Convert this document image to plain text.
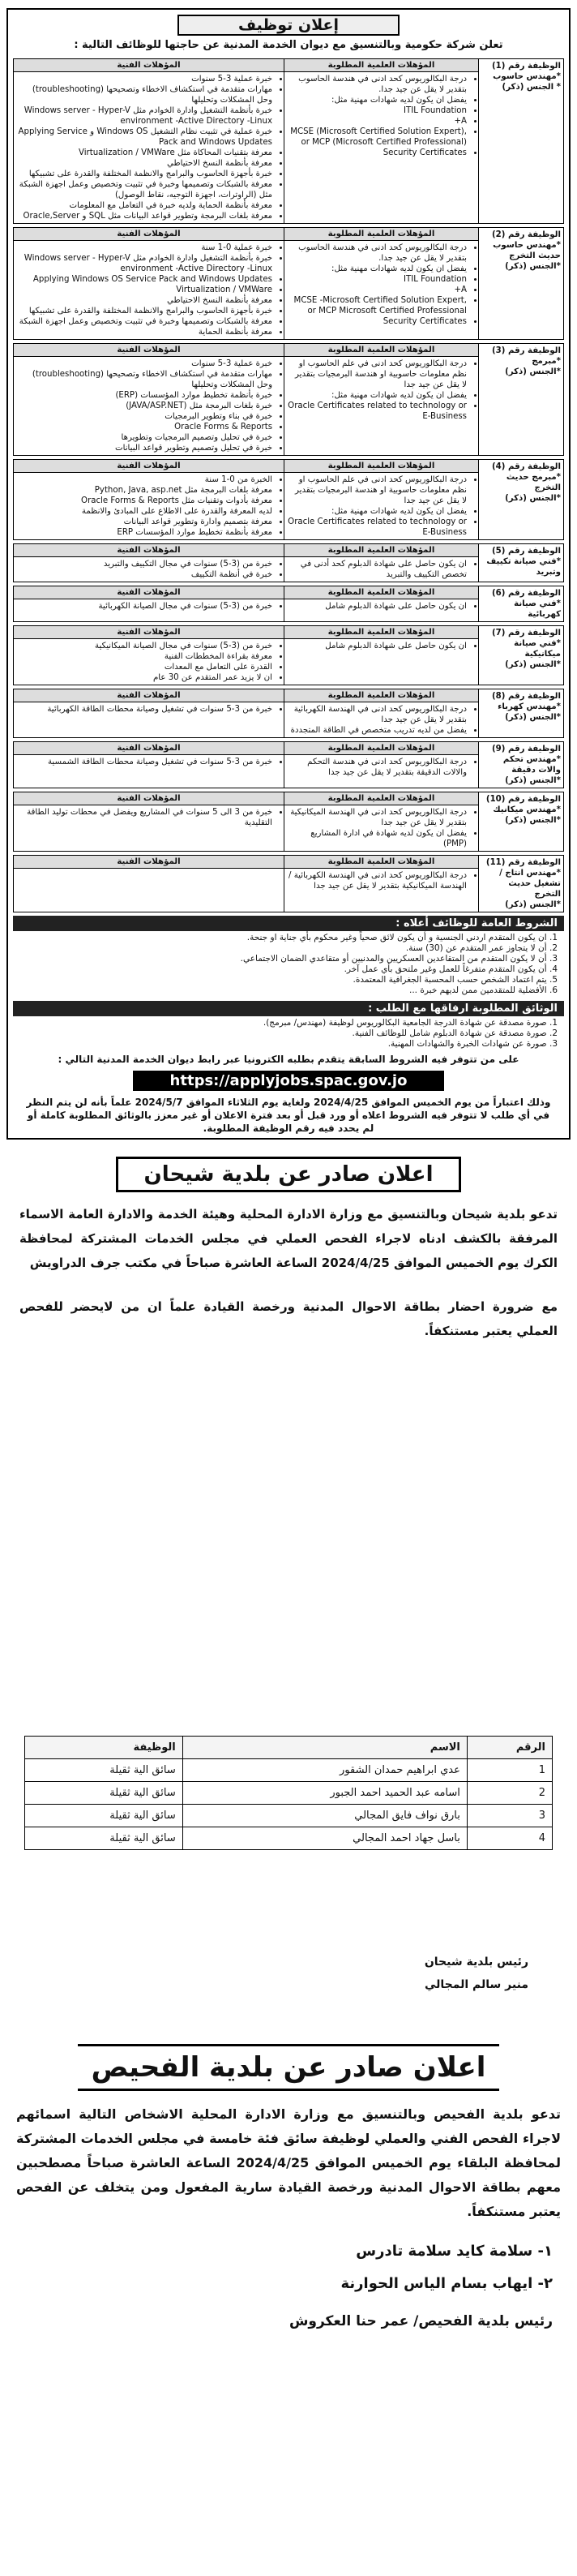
إعلان توظيف
تعلن شركة حكومية وبالتنسيق مع ديوان الخدمة المدنية عن حاجتها للوظائف التالية :
الوظيفة رقم (1)
*مهندس حاسوب
* الجنس (ذكر)
المؤهلات العلمية المطلوبة
• درجة البكالوريوس كحد ادنى في هندسة الحاسوب بتقدير لا يقل عن جيد جدا.
• يفضل ان يكون لديه شهادات مهنية مثل:
• ITIL Foundation
• A+
• MCSE (Microsoft Certified Solution Expert), or MCP (Microsoft Certified Professional)
• Security Certificates
المؤهلات الفنية
• خبرة عملية 3-5 سنوات
• مهارات متقدمة في استكشاف الاخطاء وتصحيحها (troubleshooting) وحل المشكلات وتحليلها
• خبرة بأنظمة التشغيل وادارة الخوادم مثل Windows server - Hyper-V environment -Active Directory -Linux
• خبرة عملية في تثبيت نظام التشغيل Windows OS و Applying Service Pack and Windows Updates
• معرفة بتقنيات المحاكاة مثل Virtualization / VMWare
• معرفة بأنظمة النسخ الاحتياطي
• خبرة بأجهزة الحاسوب والبرامج والانظمة المختلفة والقدرة على تشبيكها
• معرفة بالشبكات وتصميمها وخبرة في تثبيت وتخصيص وعمل اجهزة الشبكة مثل (الراوترات، اجهزة التوجيه، نقاط الوصول)
• معرفة بأنظمة الحماية ولديه خبرة في التعامل مع المعلومات
• معرفة بلغات البرمجة وتطوير قواعد البيانات مثل SQL و Oracle,Server
الوظيفة رقم (2)
*مهندس حاسوب حديث التخرج
*الجنس (ذكر)
المؤهلات العلمية المطلوبة
• درجة البكالوريوس كحد ادنى في هندسة الحاسوب بتقدير لا يقل عن جيد جدا.
• يفضل ان يكون لديه شهادات مهنية مثل:
• ITIL Foundation
• A+
• MCSE -Microsoft Certified Solution Expert, or MCP Microsoft Certified Professional
• Security Certificates
المؤهلات الفنية
• خبرة عملية 0-1 سنة
• خبرة بأنظمة التشغيل وادارة الخوادم مثل Windows server - Hyper-V environment -Active Directory -Linux
• Applying Windows OS Service Pack and Windows Updates
• Virtualization / VMWare
• معرفة بأنظمة النسخ الاحتياطي
• خبرة بأجهزة الحاسوب والبرامج والانظمة المختلفة والقدرة على تشبيكها
• معرفة بالشبكات وتصميمها وخبرة في تثبيت وتخصيص وعمل اجهزة الشبكة
• معرفة بأنظمة الحماية
الوظيفة رقم (3)
*مبرمج
*الجنس (ذكر)
المؤهلات العلمية المطلوبة
• درجة البكالوريوس كحد ادنى في علم الحاسوب او نظم معلومات حاسوبية او هندسة البرمجيات بتقدير لا يقل عن جيد جدا
• يفضل ان يكون لديه شهادات مهنية مثل:
• Oracle Certificates related to technology or E-Business
المؤهلات الفنية
• خبرة عملية 3-5 سنوات
• مهارات متقدمة في استكشاف الاخطاء وتصحيحها (troubleshooting) وحل المشكلات وتحليلها
• خبرة بأنظمة تخطيط موارد المؤسسات (ERP)
• خبرة بلغات البرمجة مثل (JAVA/ASP.NET)
• خبرة في بناء وتطوير البرمجيات
• Oracle Forms & Reports
• خبرة في تحليل وتصميم البرمجيات وتطويرها
• خبرة في تحليل وتصميم وتطوير قواعد البيانات
الوظيفة رقم (4)
*مبرمج حديث التخرج
*الجنس (ذكر)
المؤهلات العلمية المطلوبة
• درجة البكالوريوس كحد ادنى في علم الحاسوب او نظم معلومات حاسوبية او هندسة البرمجيات بتقدير لا يقل عن جيد جدا
• يفضل ان يكون لديه شهادات مهنية مثل:
• Oracle Certificates related to technology or E-Business
المؤهلات الفنية
• الخبرة من 0-1 سنة
• معرفة بلغات البرمجة مثل Python, Java, asp.net
• معرفة بأدوات وتقنيات مثل Oracle Forms & Reports
• لديه المعرفة والقدرة على الاطلاع على المبادئ والانظمة
• معرفة بتصميم وادارة وتطوير قواعد البيانات
• معرفة بأنظمة تخطيط موارد المؤسسات ERP
الوظيفة رقم (5)
*فني صيانة تكييف وتبريد
المؤهلات العلمية المطلوبة
• ان يكون حاصل على شهادة الدبلوم كحد أدنى في تخصص التكييف والتبريد
المؤهلات الفنية
• خبرة من (3-5) سنوات في مجال التكييف والتبريد
• خبرة في أنظمة التكييف
الوظيفة رقم (6)
*فني صيانة كهربائية
المؤهلات العلمية المطلوبة
• ان يكون حاصل على شهادة الدبلوم شامل
المؤهلات الفنية
• خبرة من (3-5) سنوات في مجال الصيانة الكهربائية
الوظيفة رقم (7)
*فني صيانة ميكانيكية
*الجنس (ذكر)
المؤهلات العلمية المطلوبة
• ان يكون حاصل على شهادة الدبلوم شامل
المؤهلات الفنية
• خبرة من (3-5) سنوات في مجال الصيانة الميكانيكية
• معرفة بقراءة المخططات الفنية
• القدرة على التعامل مع المعدات
• ان لا يزيد عمر المتقدم عن 30 عام
الوظيفة رقم (8)
*مهندس كهرباء
*الجنس (ذكر)
المؤهلات العلمية المطلوبة
• درجة البكالوريوس كحد ادنى في الهندسة الكهربائية بتقدير لا يقل عن جيد جدا
• يفضل من لديه تدريب متخصص في الطاقة المتجددة
المؤهلات الفنية
• خبرة من 3-5 سنوات في تشغيل وصيانة محطات الطاقة الكهربائية
الوظيفة رقم (9)
*مهندس تحكم والات دقيقة
*الجنس (ذكر)
المؤهلات العلمية المطلوبة
• درجة البكالوريوس كحد ادنى في هندسة التحكم والالات الدقيقة بتقدير لا يقل عن جيد جدا
المؤهلات الفنية
• خبرة من 3-5 سنوات في تشغيل وصيانة محطات الطاقة الشمسية
الوظيفة رقم (10)
*مهندس ميكانيك
*الجنس (ذكر)
المؤهلات العلمية المطلوبة
• درجة البكالوريوس كحد ادنى في الهندسة الميكانيكية بتقدير لا يقل عن جيد جدا
• يفضل ان يكون لديه شهادة في ادارة المشاريع (PMP)
المؤهلات الفنية
• خبرة من 3 الى 5 سنوات في المشاريع ويفضل في محطات توليد الطاقة التقليدية
الوظيفة رقم (11)
*مهندس انتاج / تشغيل حديث التخرج
*الجنس (ذكر)
المؤهلات العلمية المطلوبة
• درجة البكالوريوس كحد ادنى في الهندسة الكهربائية / الهندسة الميكانيكية بتقدير لا يقل عن جيد جدا
المؤهلات الفنية
الشروط العامة للوظائف أعلاه :

1. ان يكون المتقدم اردني الجنسية و أن يكون لائق صحياً وغير محكوم بأي جناية او جنحة.

2. أن لا يتجاوز عمر المتقدم عن (30) سنة.

3. أن لا يكون المتقدم من المتقاعدين العسكريين والمدنيين أو متقاعدي الضمان الاجتماعي.

4. أن يكون المتقدم متفرغاً للعمل وغير ملتحق بأي عمل آخر.

5. يتم اعتماد الشخص حسب المحسبة الجغرافية المعتمدة.

6. الأفضلية للمتقدمين ممن لديهم خبرة ...

الوثائق المطلوبة ارفاقها مع الطلب :

1. صورة مصدقة عن شهادة الدرجة الجامعية البكالوريوس لوظيفة (مهندس/ مبرمج).

2. صورة مصدقة عن شهادة الدبلوم شامل للوظائف الفنية.

3. صورة عن شهادات الخبرة والشهادات المهنية.

على من تتوفر فيه الشروط السابقة يتقدم بطلبه الكترونيا عبر رابط ديوان الخدمة المدنية التالي :
https://applyjobs.spac.gov.jo
وذلك اعتباراً من يوم الخميس الموافق 2024/4/25 ولغاية يوم الثلاثاء الموافق 2024/5/7 علماً بأنه لن يتم النظر في أي طلب لا تتوفر فيه الشروط اعلاه أو ورد قبل أو بعد فترة الاعلان أو غير معزز بالوثائق المطلوبة كاملة أو لم يحدد فيه رقم الوظيفة المطلوبة.
اعلان صادر عن بلدية شيحان
تدعو بلدية شيحان وبالتنسيق مع وزارة الادارة المحلية وهيئة الخدمة والادارة العامة الاسماء المرفقة بالكشف ادناه لاجراء الفحص العملي في مجلس الخدمات المشتركة لمحافظة الكرك يوم الخميس الموافق 2024/4/25 الساعة العاشرة صباحاً في مكتب جرف الدراويش
مع ضرورة احضار بطاقة الاحوال المدنية ورخصة القيادة علماً ان من لايحضر للفحص العملي يعتبر مستنكفاً.
الرقم	الاسم	الوظيفة
1	عدي ابراهيم حمدان الشقور	سائق الية ثقيلة
2	اسامه عبد الحميد احمد الجبور	سائق الية ثقيلة
3	بارق نواف فايق المجالي	سائق الية ثقيلة
4	باسل جهاد احمد المجالي	سائق الية ثقيلة
رئيس بلدية شيحان
منير سالم المجالي
اعلان صادر عن بلدية الفحيص
تدعو بلدية الفحيص وبالتنسيق مع وزارة الادارة المحلية الاشخاص التالية اسمائهم لاجراء الفحص الفني والعملي لوظيفة سائق فئة خامسة في مجلس الخدمات المشتركة لمحافظة البلقاء يوم الخميس الموافق 2024/4/25 الساعة العاشرة صباحاً مصطحبين معهم بطاقة الاحوال المدنية ورخصة القيادة سارية المفعول ومن يتخلف عن الفحص يعتبر مستنكفاً.
١- سلامة كايد سلامة تادرس
٢- ايهاب بسام الياس الحوارنة
رئيس بلدية الفحيص/ عمر حنا العكروش
